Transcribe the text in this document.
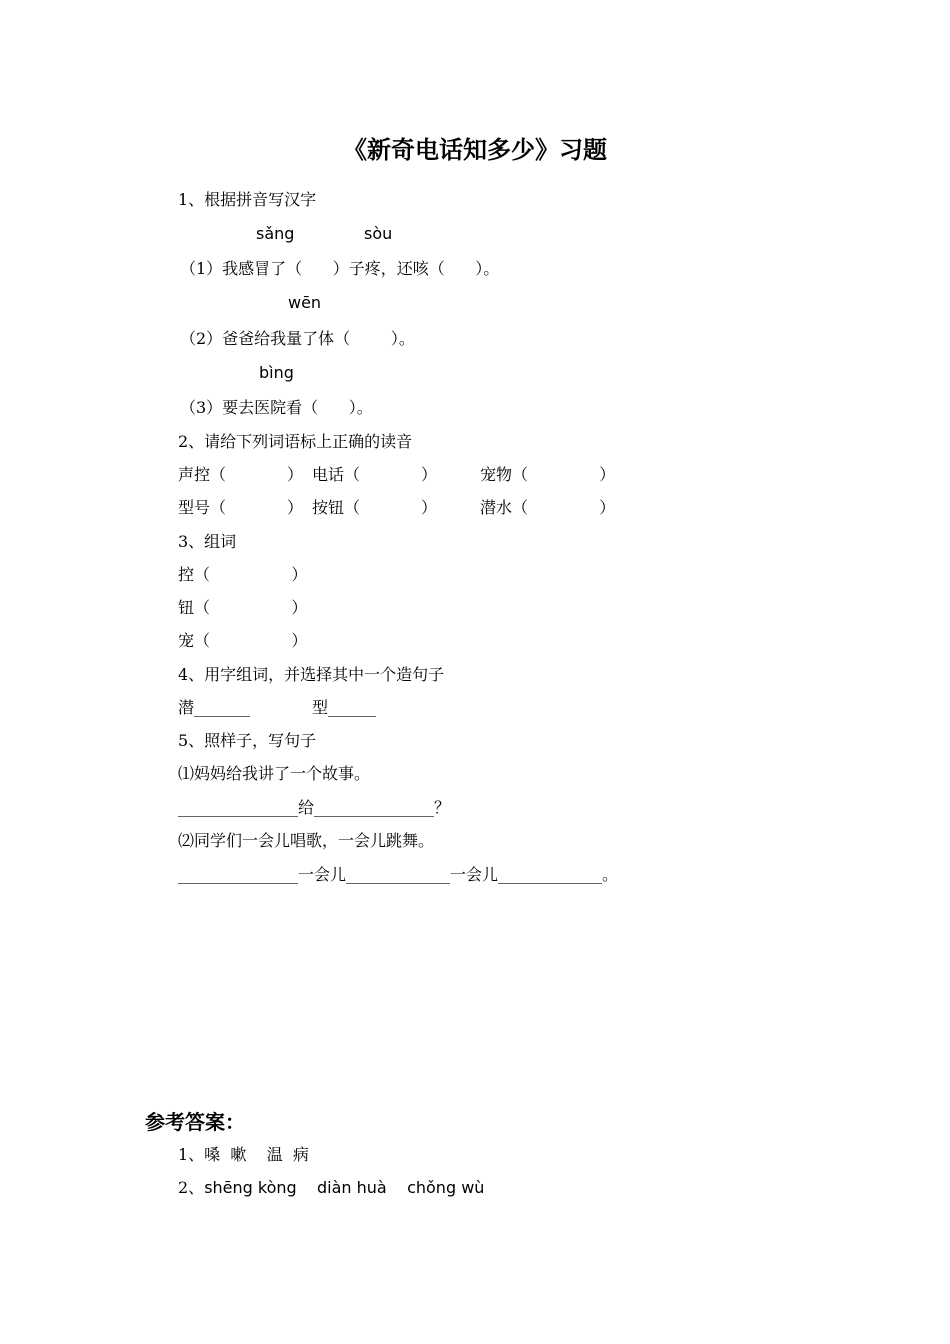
《新奇电话知多少》习题
1、根据拼音写汉字
sǎng	sòu
（1）我感冒了（      ）子疼，还咳（      ）。
wēn
（2）爸爸给我量了体（        ）。
bìng
（3）要去医院看（      ）。
2、请给下列词语标上正确的读音
声控（            ） 电话（            ）	宠物（              ）
型号（            ） 按钮（            ）	潜水（              ）
3、组词
控（                ）
钮（                ）
宠（                ）
4、用字组词，并选择其中一个造句子
潜_______	型______
5、照样子，写句子
⑴妈妈给我讲了一个故事。
_______________给_______________？
⑵同学们一会儿唱歌，一会儿跳舞。
_______________一会儿_____________一会儿_____________。
参考答案：
1、嗓  嗽    温  病
2、shēng kòng    diàn huà    chǒng wù
